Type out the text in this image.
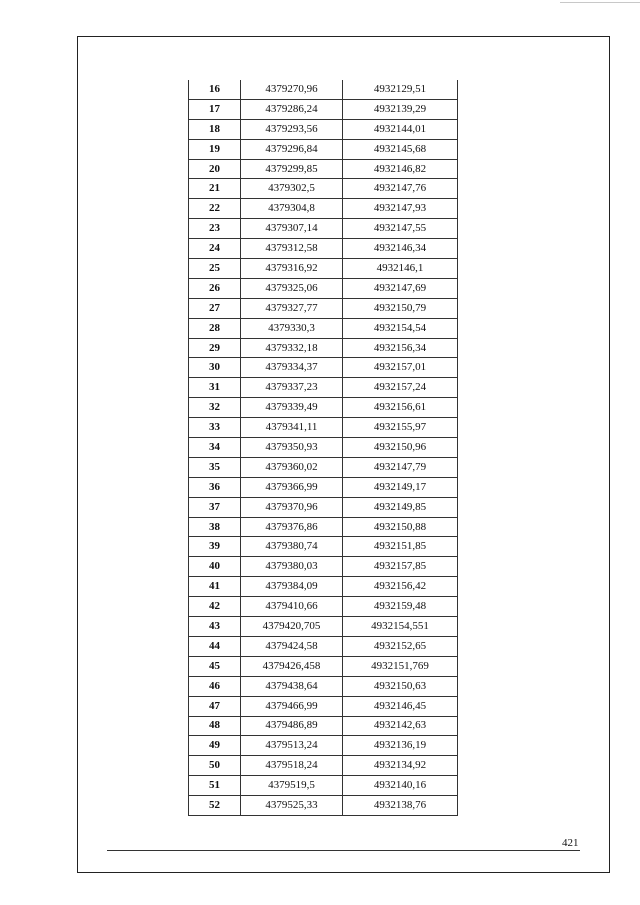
16	4379270,96	4932129,51
17	4379286,24	4932139,29
18	4379293,56	4932144,01
19	4379296,84	4932145,68
20	4379299,85	4932146,82
21	4379302,5	4932147,76
22	4379304,8	4932147,93
23	4379307,14	4932147,55
24	4379312,58	4932146,34
25	4379316,92	4932146,1
26	4379325,06	4932147,69
27	4379327,77	4932150,79
28	4379330,3	4932154,54
29	4379332,18	4932156,34
30	4379334,37	4932157,01
31	4379337,23	4932157,24
32	4379339,49	4932156,61
33	4379341,11	4932155,97
34	4379350,93	4932150,96
35	4379360,02	4932147,79
36	4379366,99	4932149,17
37	4379370,96	4932149,85
38	4379376,86	4932150,88
39	4379380,74	4932151,85
40	4379380,03	4932157,85
41	4379384,09	4932156,42
42	4379410,66	4932159,48
43	4379420,705	4932154,551
44	4379424,58	4932152,65
45	4379426,458	4932151,769
46	4379438,64	4932150,63
47	4379466,99	4932146,45
48	4379486,89	4932142,63
49	4379513,24	4932136,19
50	4379518,24	4932134,92
51	4379519,5	4932140,16
52	4379525,33	4932138,76
421
